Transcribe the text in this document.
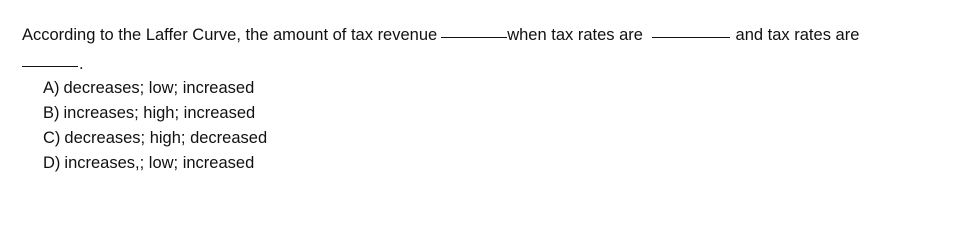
According to the Laffer Curve, the amount of tax revenue	when tax rates are	and tax rates are
.
A) decreases; low; increased
B) increases; high; increased
C) decreases; high; decreased
D) increases,; low; increased
